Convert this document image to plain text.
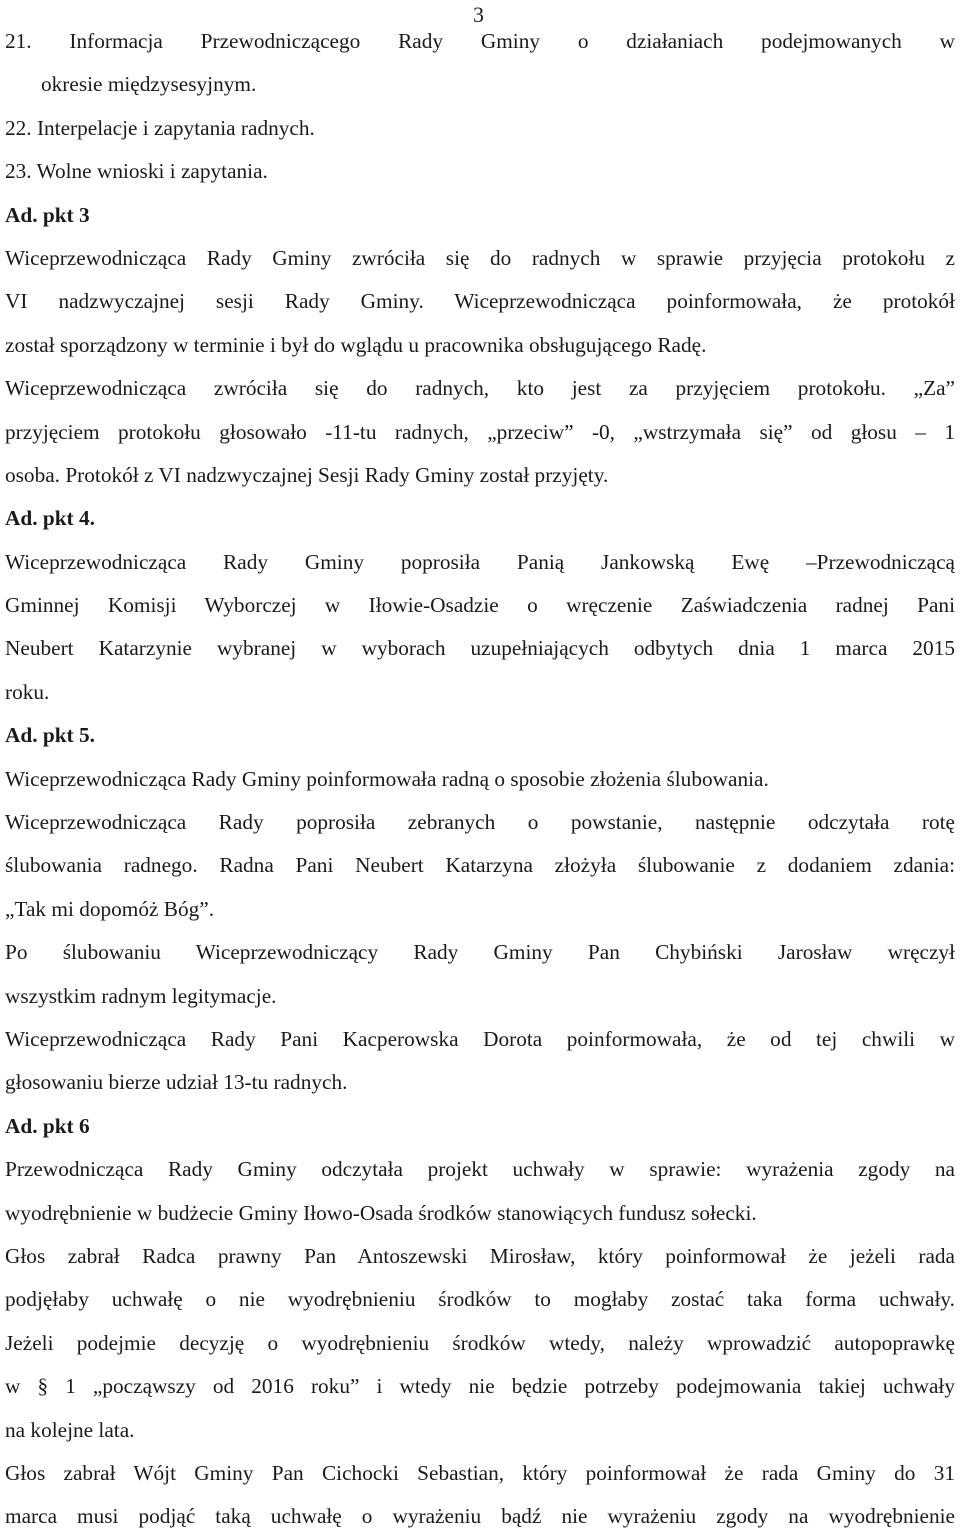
3
21. Informacja Przewodniczącego Rady Gminy o działaniach podejmowanych w
okresie międzysesyjnym.
22. Interpelacje i zapytania radnych.
23. Wolne wnioski i zapytania.
Ad. pkt 3
Wiceprzewodnicząca Rady Gminy zwróciła się do radnych w sprawie przyjęcia protokołu z
VI nadzwyczajnej sesji Rady Gminy. Wiceprzewodnicząca poinformowała, że protokół
został sporządzony w terminie i był do wglądu u pracownika obsługującego Radę.
Wiceprzewodnicząca zwróciła się do radnych, kto jest za przyjęciem protokołu. „Za”
przyjęciem protokołu głosowało -11-tu radnych, „przeciw” -0, „wstrzymała się” od głosu – 1
osoba. Protokół z VI nadzwyczajnej Sesji Rady Gminy został przyjęty.
Ad. pkt 4.
Wiceprzewodnicząca Rady Gminy poprosiła Panią Jankowską Ewę –Przewodniczącą
Gminnej Komisji Wyborczej w Iłowie-Osadzie o wręczenie Zaświadczenia radnej Pani
Neubert Katarzynie wybranej w wyborach uzupełniających odbytych dnia 1 marca 2015
roku.
Ad. pkt 5.
Wiceprzewodnicząca Rady Gminy poinformowała radną o sposobie złożenia ślubowania.
Wiceprzewodnicząca Rady poprosiła zebranych o powstanie, następnie odczytała rotę
ślubowania radnego. Radna Pani Neubert Katarzyna złożyła ślubowanie z dodaniem zdania:
„Tak mi dopomóż Bóg”.
Po ślubowaniu Wiceprzewodniczący Rady Gminy Pan Chybiński Jarosław wręczył
wszystkim radnym legitymacje.
Wiceprzewodnicząca Rady Pani Kacperowska Dorota poinformowała, że od tej chwili w
głosowaniu bierze udział 13-tu radnych.
Ad. pkt 6
Przewodnicząca Rady Gminy odczytała projekt uchwały w sprawie: wyrażenia zgody na
wyodrębnienie w budżecie Gminy Iłowo-Osada środków stanowiących fundusz sołecki.
Głos zabrał Radca prawny Pan Antoszewski Mirosław, który poinformował że jeżeli rada
podjęłaby uchwałę o nie wyodrębnieniu środków to mogłaby zostać taka forma uchwały.
Jeżeli podejmie decyzję o wyodrębnieniu środków wtedy, należy wprowadzić autopoprawkę
w § 1 „począwszy od 2016 roku” i wtedy nie będzie potrzeby podejmowania takiej uchwały
na kolejne lata.
Głos zabrał Wójt Gminy Pan Cichocki Sebastian, który poinformował że rada Gminy do 31
marca musi podjąć taką uchwałę o wyrażeniu bądź nie wyrażeniu zgody na wyodrębnienie
